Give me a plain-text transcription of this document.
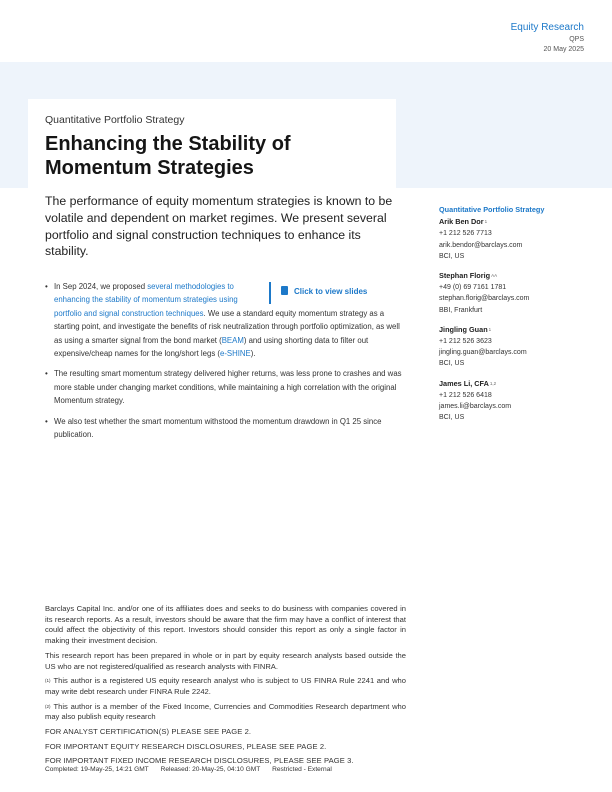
Equity Research
QPS
20 May 2025
Quantitative Portfolio Strategy
Enhancing the Stability of
Momentum Strategies
The performance of equity momentum strategies is known to be volatile and dependent on market regimes. We present several portfolio and signal construction techniques to enhance its stability.
• Click to view slides
In Sep 2024, we proposed several methodologies to enhancing the stability of momentum strategies using portfolio and signal construction techniques. We use a standard equity momentum strategy as a starting point, and investigate the benefits of risk neutralization through portfolio optimization, as well as using a smarter signal from the bond market (BEAM) and using shorting data to filter out expensive/cheap names for the long/short legs (e-SHINE).
• The resulting smart momentum strategy delivered higher returns, was less prone to crashes and was more stable under changing market conditions, while maintaining a high correlation with the original Momentum strategy.
• We also test whether the smart momentum withstood the momentum drawdown in Q1 25 since publication.
Quantitative Portfolio Strategy
Arik Ben Dor$^1$
+1 212 526 7713
arik.bendor@barclays.com
BCI, US
Stephan Florig$^{AA}$
+49 (0) 69 7161 1781
stephan.florig@barclays.com
BBI, Frankfurt
Jingling Guan$^1$
+1 212 526 3623
jingling.guan@barclays.com
BCI, US
James Li, CFA$^{1,2}$
+1 212 526 6418
james.li@barclays.com
BCI, US

Barclays Capital Inc. and/or one of its affiliates does and seeks to do business with companies covered in its research reports. As a result, investors should be aware that the firm may have a conflict of interest that could affect the objectivity of this report. Investors should consider this report as only a single factor in making their investment decision.

This research report has been prepared in whole or in part by equity research analysts based outside the US who are not registered/qualified as research analysts with FINRA.

$^{(1)}$ This author is a registered US equity research analyst who is subject to US FINRA Rule 2241 and who may write debt research under FINRA Rule 2242.

$^{(2)}$ This author is a member of the Fixed Income, Currencies and Commodities Research department who may also publish equity research

FOR ANALYST CERTIFICATION(S) PLEASE SEE PAGE 2.
FOR IMPORTANT EQUITY RESEARCH DISCLOSURES, PLEASE SEE PAGE 2.
FOR IMPORTANT FIXED INCOME RESEARCH DISCLOSURES, PLEASE SEE PAGE 3.
Completed: 19-May-25, 14:21 GMT Released: 20-May-25, 04:10 GMT Restricted - External
